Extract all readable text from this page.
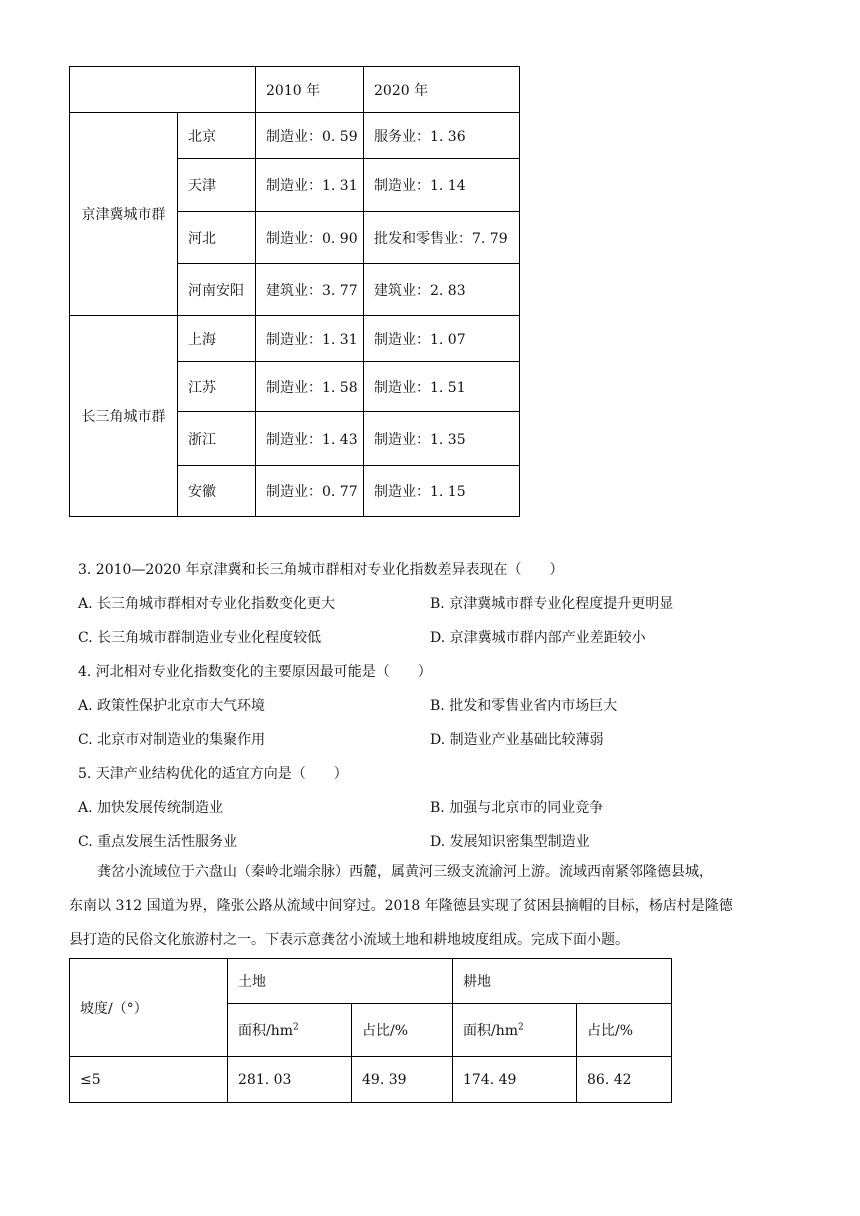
		2010 年	2020 年
京津冀城市群	北京	制造业：0. 59	服务业：1. 36
	天津	制造业：1. 31	制造业：1. 14
	河北	制造业：0. 90	批发和零售业：7. 79
	河南安阳	建筑业：3. 77	建筑业：2. 83
长三角城市群	上海	制造业：1. 31	制造业：1. 07
	江苏	制造业：1. 58	制造业：1. 51
	浙江	制造业：1. 43	制造业：1. 35
	安徽	制造业：0. 77	制造业：1. 15
3. 2010—2020 年京津冀和长三角城市群相对专业化指数差异表现在（　　）
A. 长三角城市群相对专业化指数变化更大	B. 京津冀城市群专业化程度提升更明显
C. 长三角城市群制造业专业化程度较低	D. 京津冀城市群内部产业差距较小
4. 河北相对专业化指数变化的主要原因最可能是（　　）
A. 政策性保护北京市大气环境	B. 批发和零售业省内市场巨大
C. 北京市对制造业的集聚作用	D. 制造业产业基础比较薄弱
5. 天津产业结构优化的适宜方向是（　　）
A. 加快发展传统制造业	B. 加强与北京市的同业竞争
C. 重点发展生活性服务业	D. 发展知识密集型制造业
　　龚岔小流域位于六盘山（秦岭北端余脉）西麓，属黄河三级支流渝河上游。流域西南紧邻隆德县城，
东南以 312 国道为界，隆张公路从流域中间穿过。2018 年隆德县实现了贫困县摘帽的目标，杨店村是隆德
县打造的民俗文化旅游村之一。下表示意龚岔小流域土地和耕地坡度组成。完成下面小题。
坡度/（°）	土地		耕地	
	面积$/hm^2$	占比/%	面积$/hm^2$	占比/%
≤5	281. 03	49. 39	174. 49	86. 42
